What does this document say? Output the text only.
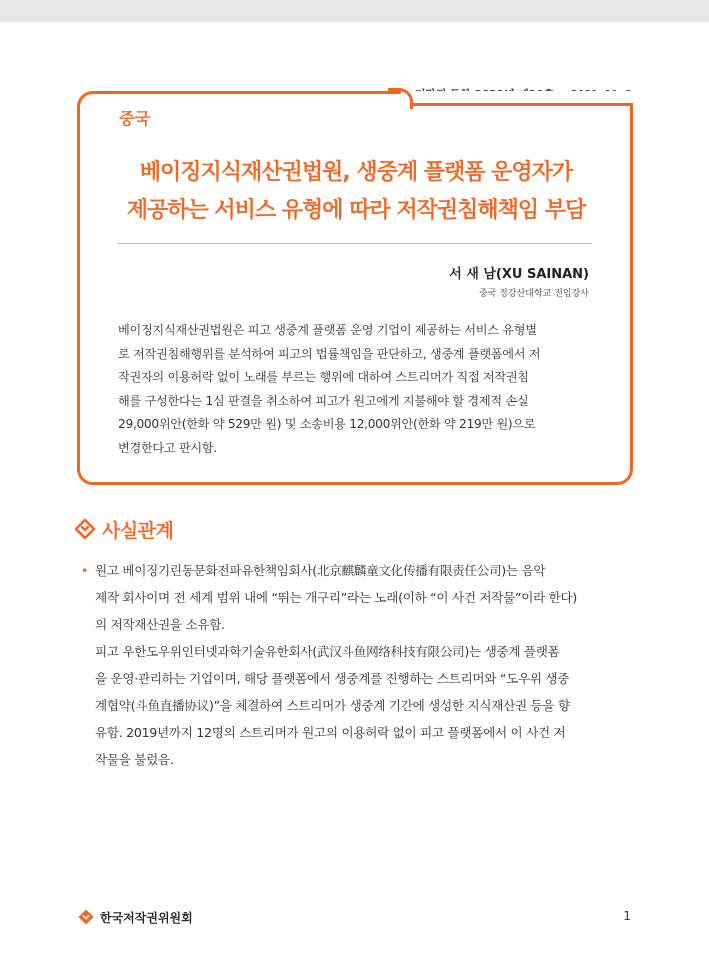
중국
베이징지식재산권법원, 생중계 플랫폼 운영자가
제공하는 서비스 유형에 따라 저작권침해책임 부담
서 새 남(XU SAINAN)
중국 정강산대학교 전임강사
베이징지식재산권법원은 피고 생중계 플랫폼 운영 기업이 제공하는 서비스 유형별
로 저작권침해행위를 분석하여 피고의 법률책임을 판단하고, 생중계 플랫폼에서 저
작권자의 이용허락 없이 노래를 부르는 행위에 대하여 스트리머가 직접 저작권침
해를 구성한다는 1심 판결을 취소하여 피고가 원고에게 지불해야 할 경제적 손실
29,000위안(한화 약 529만 원) 및 소송비용 12,000위안(한화 약 219만 원)으로
변경한다고 판시함.
사실관계
• 원고 베이징기린동문화전파유한책임회사(北京麒麟童文化传播有限责任公司)는 음악
제작 회사이며 전 세계 범위 내에 “뛰는 개구리”라는 노래(이하 “이 사건 저작물”이라 한다)
의 저작재산권을 소유함.
피고 우한도우위인터넷과학기술유한회사(武汉斗鱼网络科技有限公司)는 생중계 플랫폼
을 운영·관리하는 기업이며, 해당 플랫폼에서 생중계를 진행하는 스트리머와 “도우위 생중
계협약(斗鱼直播协议)”을 체결하여 스트리머가 생중계 기간에 생성한 지식재산권 등을 향
유함. 2019년까지 12명의 스트리머가 원고의 이용허락 없이 피고 플랫폼에서 이 사건 저
작물을 불렀음.
한국저작권위원회	1
